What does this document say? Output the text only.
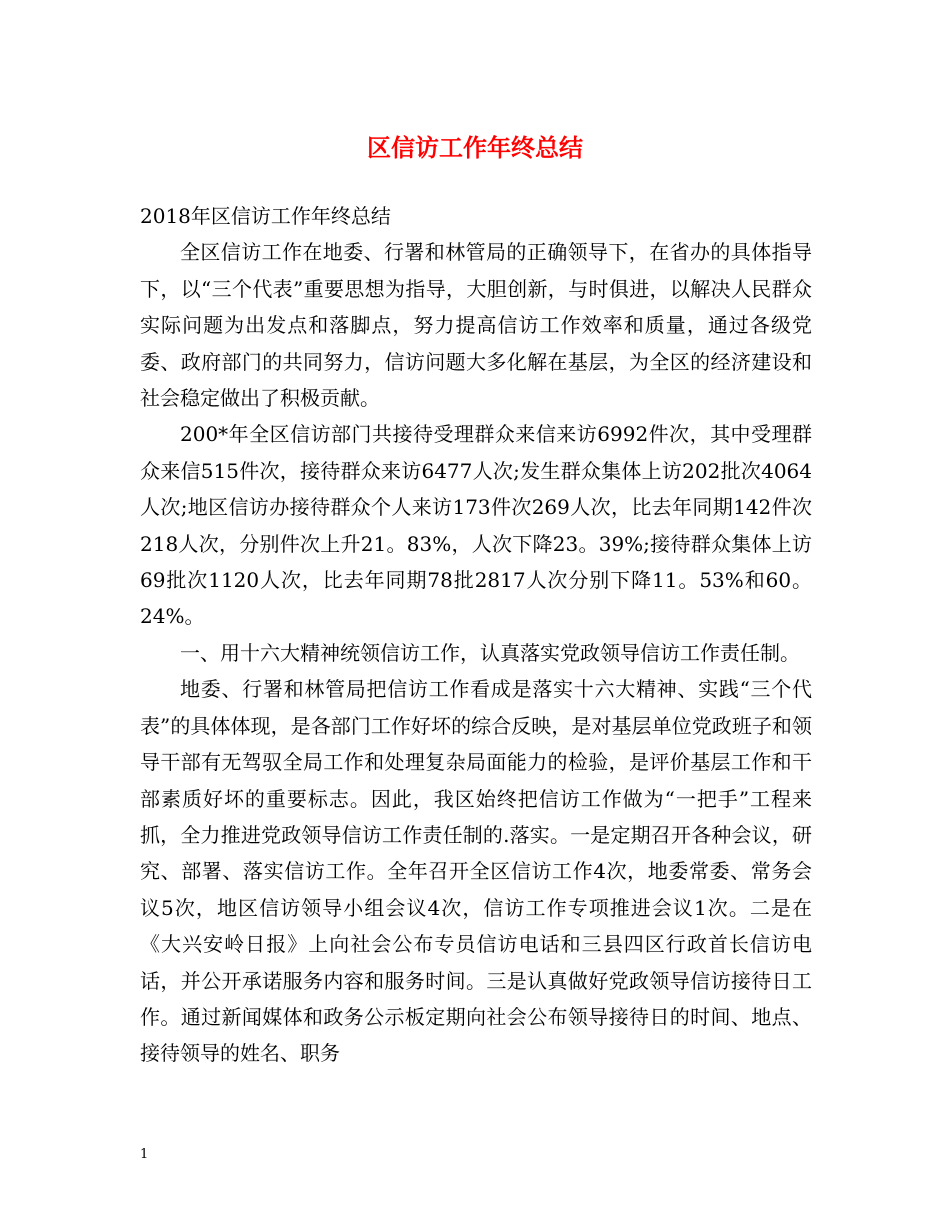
区信访工作年终总结

2018年区信访工作年终总结

全区信访工作在地委、行署和林管局的正确领导下，在省办的具体指导下，以“三个代表”重要思想为指导，大胆创新，与时俱进，以解决人民群众实际问题为出发点和落脚点，努力提高信访工作效率和质量，通过各级党委、政府部门的共同努力，信访问题大多化解在基层，为全区的经济建设和社会稳定做出了积极贡献。

200*年全区信访部门共接待受理群众来信来访6992件次，其中受理群众来信515件次，接待群众来访6477人次;发生群众集体上访202批次4064人次;地区信访办接待群众个人来访173件次269人次，比去年同期142件次218人次，分别件次上升21。83%，人次下降23。39%;接待群众集体上访69批次1120人次，比去年同期78批2817人次分别下降11。53%和60。24%。

一、用十六大精神统领信访工作，认真落实党政领导信访工作责任制。

地委、行署和林管局把信访工作看成是落实十六大精神、实践“三个代表”的具体体现，是各部门工作好坏的综合反映，是对基层单位党政班子和领导干部有无驾驭全局工作和处理复杂局面能力的检验，是评价基层工作和干部素质好坏的重要标志。因此，我区始终把信访工作做为“一把手”工程来抓，全力推进党政领导信访工作责任制的.落实。一是定期召开各种会议，研究、部署、落实信访工作。全年召开全区信访工作4次，地委常委、常务会议5次，地区信访领导小组会议4次，信访工作专项推进会议1次。二是在《大兴安岭日报》上向社会公布专员信访电话和三县四区行政首长信访电话，并公开承诺服务内容和服务时间。三是认真做好党政领导信访接待日工作。通过新闻媒体和政务公示板定期向社会公布领导接待日的时间、地点、接待领导的姓名、职务

1
